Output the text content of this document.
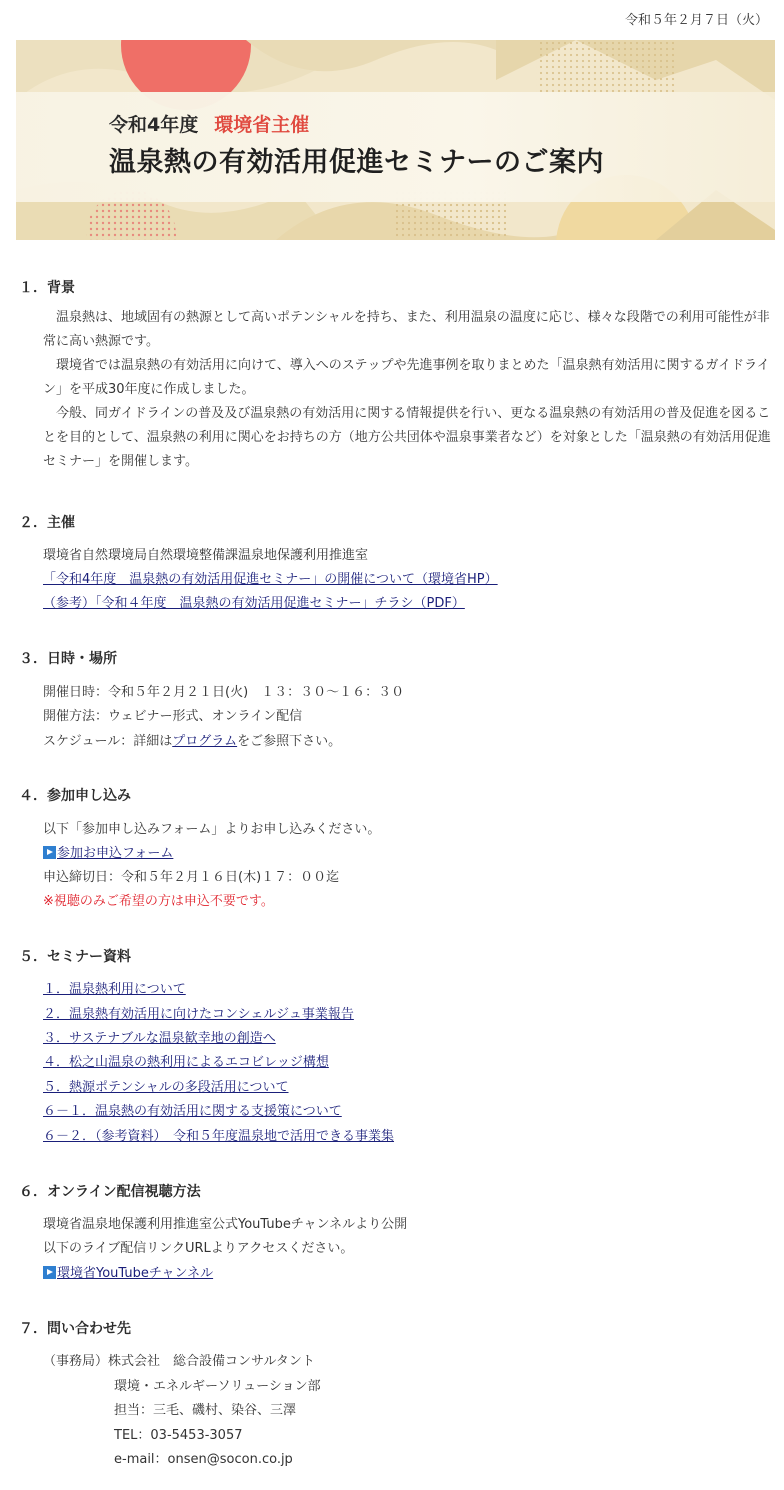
令和５年２月７日（火）
令和4年度 環境省主催
温泉熱の有効活用促進セミナーのご案内
１．背景
　温泉熱は、地域固有の熱源として高いポテンシャルを持ち、また、利用温泉の温度に応じ、様々な段階での利用可能性が非常に高い熱源です。
　環境省では温泉熱の有効活用に向けて、導入へのステップや先進事例を取りまとめた「温泉熱有効活用に関するガイドライン」を平成30年度に作成しました。
　今般、同ガイドラインの普及及び温泉熱の有効活用に関する情報提供を行い、更なる温泉熱の有効活用の普及促進を図ることを目的として、温泉熱の利用に関心をお持ちの方（地方公共団体や温泉事業者など）を対象とした「温泉熱の有効活用促進セミナー」を開催します。
２．主催
環境省自然環境局自然環境整備課温泉地保護利用推進室
「令和4年度　温泉熱の有効活用促進セミナー」の開催について（環境省HP）
（参考）「令和４年度　温泉熱の有効活用促進セミナー」チラシ（PDF）
３．日時・場所
開催日時：令和５年２月２１日(火)　１３：３０～１６：３０
開催方法：ウェビナー形式、オンライン配信
スケジュール：詳細はプログラムをご参照下さい。
４．参加申し込み
以下「参加申し込みフォーム」よりお申し込みください。
参加お申込フォーム
申込締切日：令和５年２月１６日(木)１７：００迄
※視聴のみご希望の方は申込不要です。
５．セミナー資料
１．温泉熱利用について
２．温泉熱有効活用に向けたコンシェルジュ事業報告
３．サステナブルな温泉歓幸地の創造へ
４．松之山温泉の熱利用によるエコビレッジ構想
５．熱源ポテンシャルの多段活用について
６－１．温泉熱の有効活用に関する支援策について
６－２．（参考資料）　令和５年度温泉地で活用できる事業集
６．オンライン配信視聴方法
環境省温泉地保護利用推進室公式YouTubeチャンネルより公開
以下のライブ配信リンクURLよりアクセスください。
環境省YouTubeチャンネル
７．問い合わせ先
（事務局）株式会社　総合設備コンサルタント
環境・エネルギーソリューション部
担当：三毛、磯村、染谷、三澤
TEL：03-5453-3057
e-mail：onsen@socon.co.jp
